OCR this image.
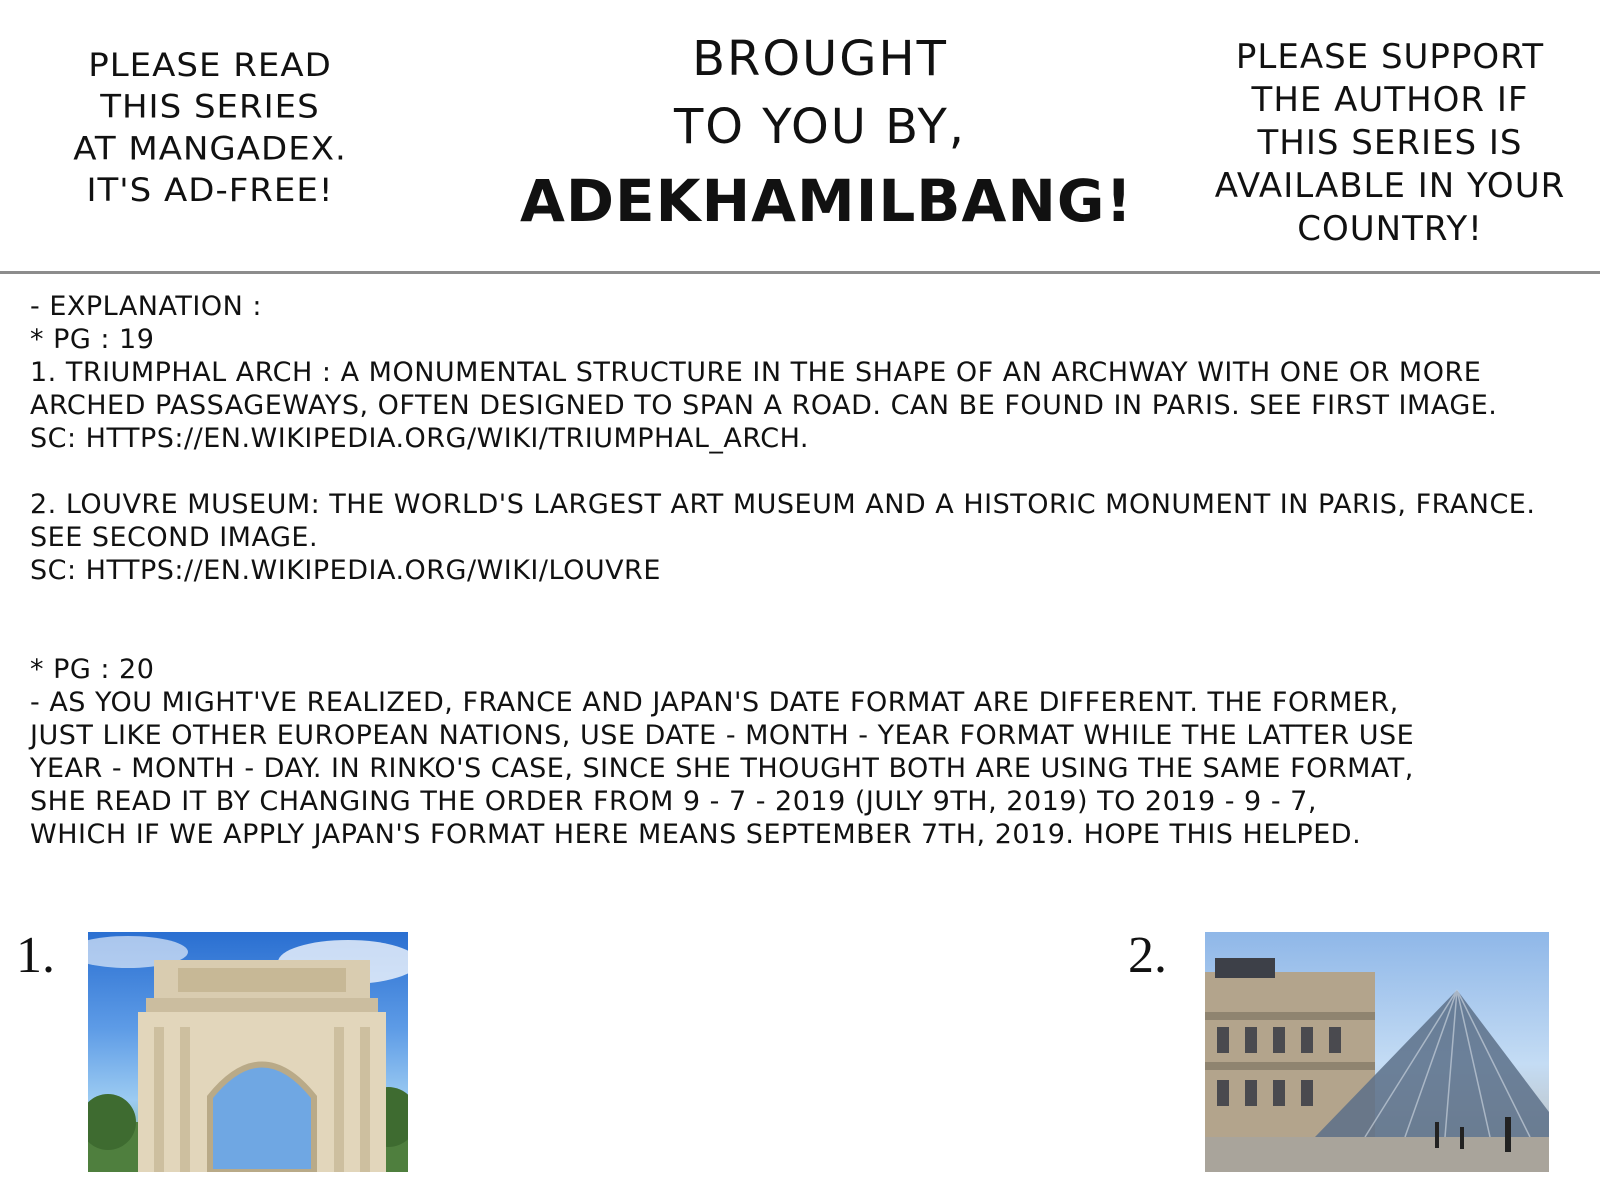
PLEASE READ
THIS SERIES
AT MANGADEX.
IT'S AD-FREE!
BROUGHT
TO YOU BY,
ADEKHAMILBANG!
PLEASE SUPPORT
THE AUTHOR IF
THIS SERIES IS
AVAILABLE IN YOUR
COUNTRY!
- EXPLANATION :
* PG : 19
1. TRIUMPHAL ARCH : A MONUMENTAL STRUCTURE IN THE SHAPE OF AN ARCHWAY WITH ONE OR MORE
ARCHED PASSAGEWAYS, OFTEN DESIGNED TO SPAN A ROAD. CAN BE FOUND IN PARIS. SEE FIRST IMAGE.
SC: HTTPS://EN.WIKIPEDIA.ORG/WIKI/TRIUMPHAL_ARCH.
2. LOUVRE MUSEUM: THE WORLD'S LARGEST ART MUSEUM AND A HISTORIC MONUMENT IN PARIS, FRANCE.
SEE SECOND IMAGE.
SC: HTTPS://EN.WIKIPEDIA.ORG/WIKI/LOUVRE
* PG : 20
- AS YOU MIGHT'VE REALIZED, FRANCE AND JAPAN'S DATE FORMAT ARE DIFFERENT. THE FORMER,
JUST LIKE OTHER EUROPEAN NATIONS, USE DATE - MONTH - YEAR FORMAT WHILE THE LATTER USE
YEAR - MONTH - DAY. IN RINKO'S CASE, SINCE SHE THOUGHT BOTH ARE USING THE SAME FORMAT,
SHE READ IT BY CHANGING THE ORDER FROM 9 - 7 - 2019 (JULY 9TH, 2019) TO 2019 - 9 - 7,
WHICH IF WE APPLY JAPAN'S FORMAT HERE MEANS SEPTEMBER 7TH, 2019. HOPE THIS HELPED.
1.	2.
